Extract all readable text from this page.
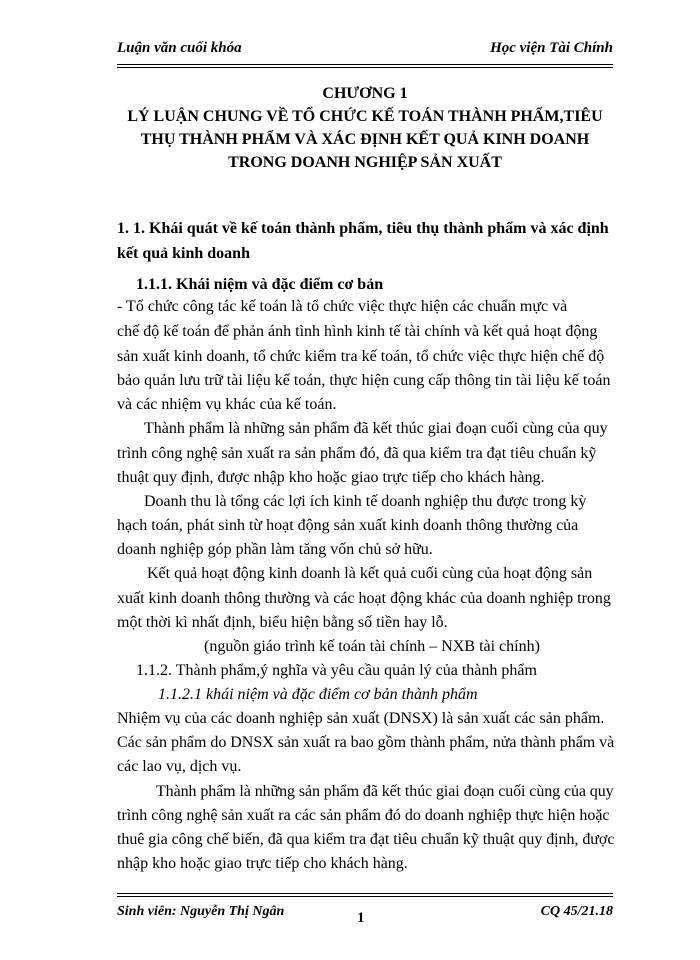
Luận văn cuối khóa	Học viện Tài Chính
CHƯƠNG 1
LÝ LUẬN CHUNG VỀ TỔ CHỨC KẾ TOÁN THÀNH PHẨM,TIÊU
THỤ THÀNH PHẨM VÀ XÁC ĐỊNH KẾT QUẢ KINH DOANH
TRONG DOANH NGHIỆP SẢN XUẤT
1. 1. Khái quát về kế toán thành phẩm, tiêu thụ thành phẩm và xác định
kết quả kinh doanh
1.1.1. Khái niệm và đặc điểm cơ bản
- Tổ chức công tác kế toán là tổ chức việc thực hiện các chuẩn mực và
chế độ kế toán để phản ánh tình hình kinh tế tài chính và kết quả hoạt động
sản xuất kinh doanh, tổ chức kiểm tra kế toán, tổ chức việc thực hiện chế độ
bảo quản lưu trữ tài liệu kế toán, thực hiện cung cấp thông tin tài liệu kế toán
và các nhiệm vụ khác của kế toán.
Thành phẩm là những sản phẩm đã kết thúc giai đoạn cuối cùng của quy
trình công nghệ sản xuất ra sản phẩm đó, đã qua kiểm tra đạt tiêu chuẩn kỹ
thuật quy định, được nhập kho hoặc giao trực tiếp cho khách hàng.
Doanh thu là tổng các lợi ích kinh tế doanh nghiệp thu được trong kỳ
hạch toán, phát sinh từ hoạt động sản xuất kinh doanh thông thường của
doanh nghiệp góp phần làm tăng vốn chủ sở hữu.
Kết quả hoạt động kinh doanh là kết quả cuối cùng của hoạt động sản
xuất kinh doanh thông thường và các hoạt động khác của doanh nghiệp trong
một thời kì nhất định, biểu hiện bằng số tiền hay lỗ.
(nguồn giáo trình kế toán tài chính – NXB tài chính)
1.1.2. Thành phẩm,ý nghĩa và yêu cầu quản lý của thành phẩm
1.1.2.1 khái niệm và đặc điểm cơ bản thành phẩm
Nhiệm vụ của các doanh nghiệp sản xuất (DNSX) là sản xuất các sản phẩm.
Các sản phẩm do DNSX sản xuất ra bao gồm thành phẩm, nửa thành phẩm và
các lao vụ, dịch vụ.
Thành phẩm là những sản phẩm đã kết thúc giai đoạn cuối cùng của quy
trình công nghệ sản xuất ra các sản phẩm đó do doanh nghiệp thực hiện hoặc
thuê gia công chế biến, đã qua kiểm tra đạt tiêu chuẩn kỹ thuật quy định, được
nhập kho hoặc giao trực tiếp cho khách hàng.
Sinh viên: Nguyễn Thị Ngân	1	CQ 45/21.18
